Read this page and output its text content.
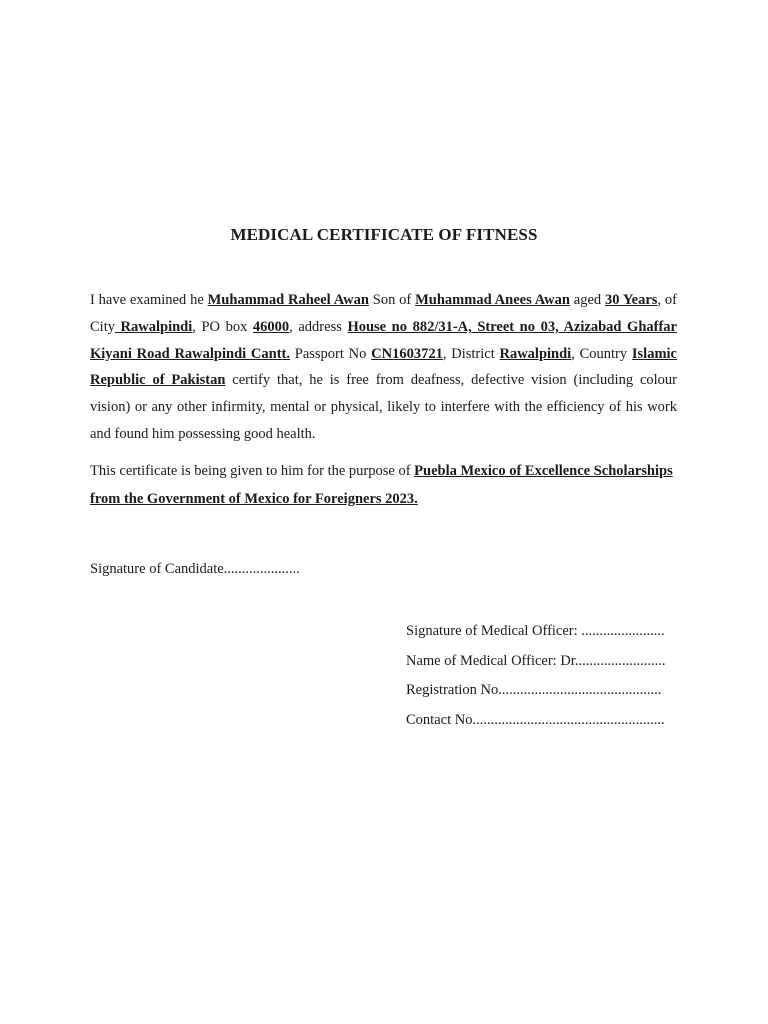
MEDICAL CERTIFICATE OF FITNESS

I have examined he Muhammad Raheel Awan Son of Muhammad Anees Awan aged 30 Years, of City Rawalpindi, PO box 46000, address House no 882/31-A, Street no 03, Azizabad Ghaffar Kiyani Road Rawalpindi Cantt. Passport No CN1603721, District Rawalpindi, Country Islamic Republic of Pakistan certify that, he is free from deafness, defective vision (including colour vision) or any other infirmity, mental or physical, likely to interfere with the efficiency of his work and found him possessing good health.

This certificate is being given to him for the purpose of Puebla Mexico of Excellence Scholarships from the Government of Mexico for Foreigners 2023.

Signature of Candidate.....................
Signature of Medical Officer: .......................
Name of Medical Officer: Dr.........................
Registration No.............................................
Contact No.....................................................
